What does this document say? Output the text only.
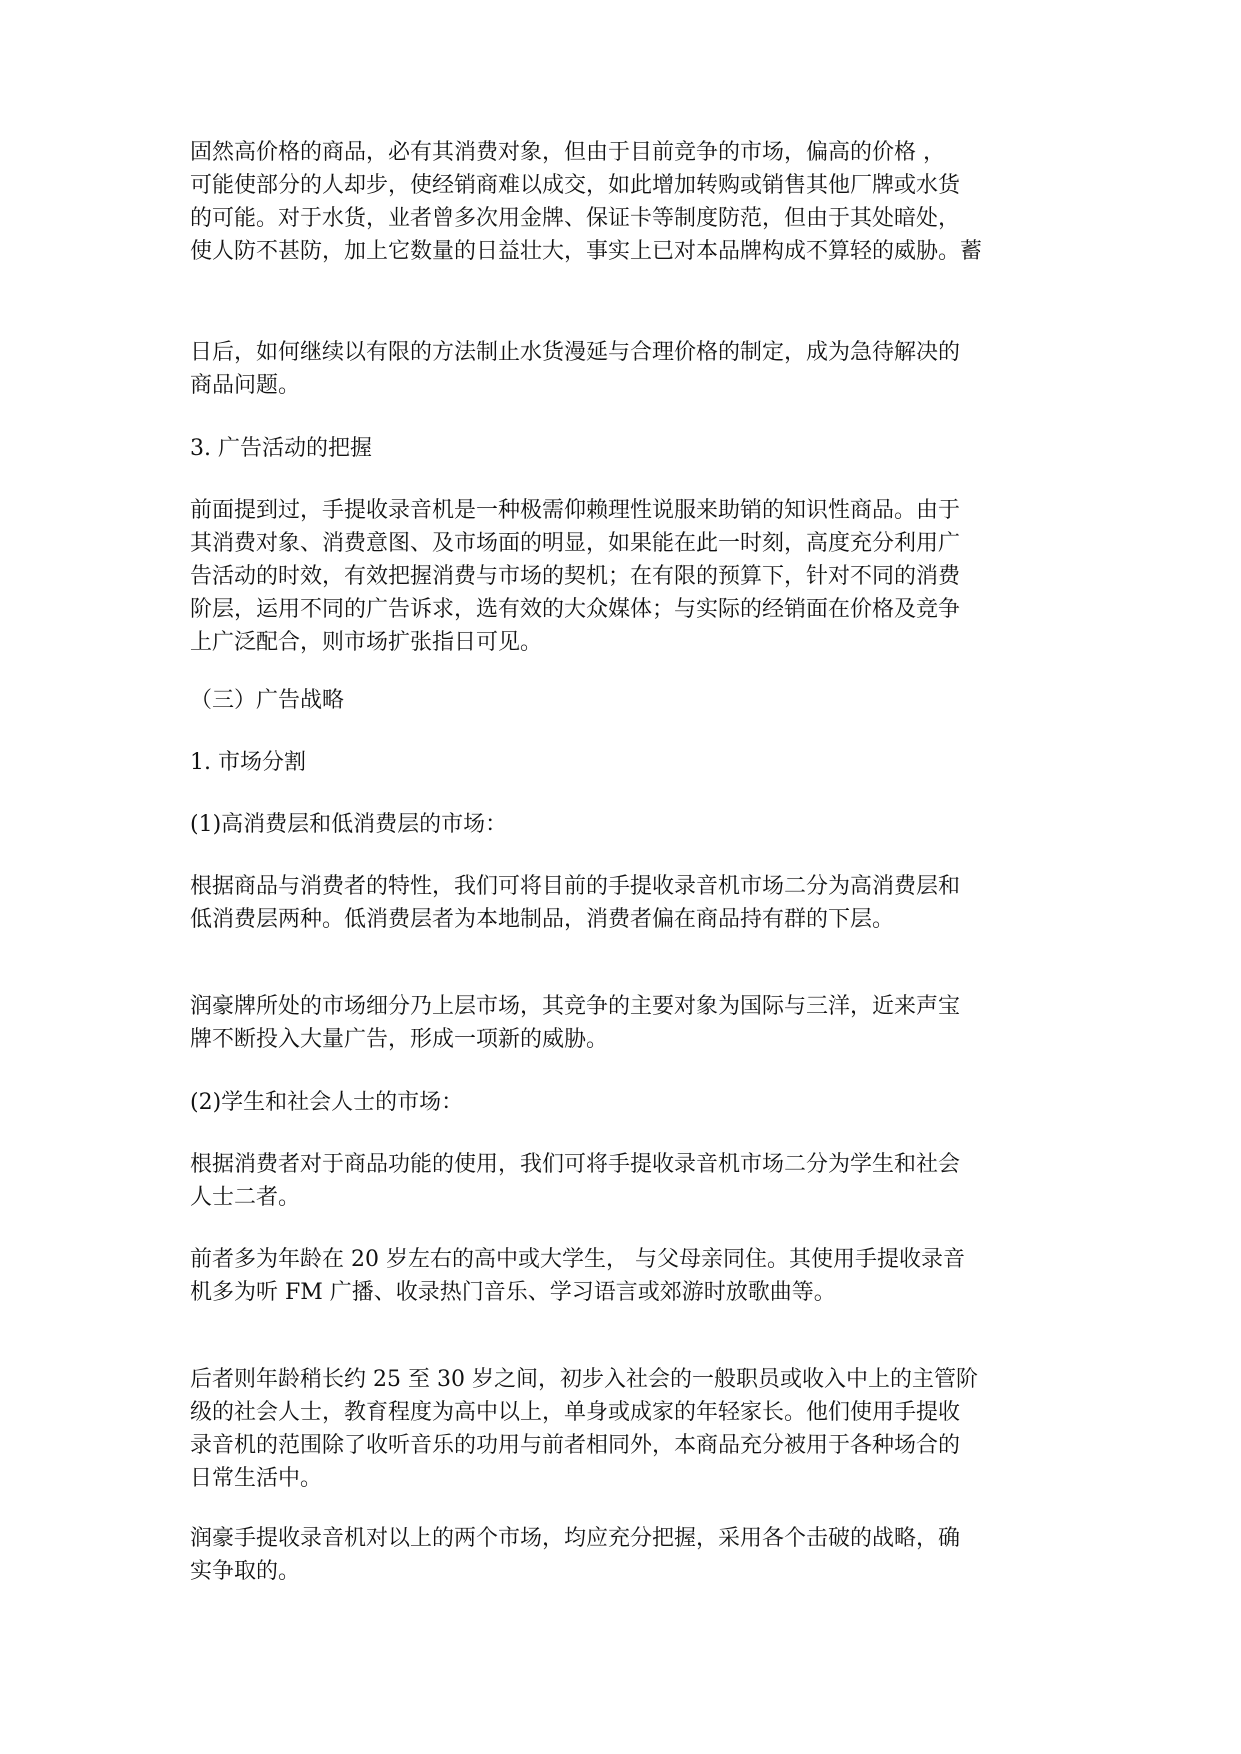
固然高价格的商品，必有其消费对象，但由于目前竞争的市场，偏高的价格 ，
可能使部分的人却步，使经销商难以成交，如此增加转购或销售其他厂牌或水货
的可能。对于水货，业者曾多次用金牌、保证卡等制度防范，但由于其处暗处，
使人防不甚防，加上它数量的日益壮大，事实上已对本品牌构成不算轻的威胁。蓄

日后，如何继续以有限的方法制止水货漫延与合理价格的制定，成为急待解决的
商品问题。

3. 广告活动的把握

前面提到过，手提收录音机是一种极需仰赖理性说服来助销的知识性商品。由于
其消费对象、消费意图、及市场面的明显，如果能在此一时刻，高度充分利用广
告活动的时效，有效把握消费与市场的契机；在有限的预算下，针对不同的消费
阶层，运用不同的广告诉求，选有效的大众媒体；与实际的经销面在价格及竞争
上广泛配合，则市场扩张指日可见。

（三）广告战略

1. 市场分割

(1)高消费层和低消费层的市场：

根据商品与消费者的特性，我们可将目前的手提收录音机市场二分为高消费层和
低消费层两种。低消费层者为本地制品，消费者偏在商品持有群的下层。

润豪牌所处的市场细分乃上层市场，其竞争的主要对象为国际与三洋，近来声宝
牌不断投入大量广告，形成一项新的威胁。

(2)学生和社会人士的市场：

根据消费者对于商品功能的使用，我们可将手提收录音机市场二分为学生和社会
人士二者。

前者多为年龄在 20 岁左右的高中或大学生， 与父母亲同住。其使用手提收录音
机多为听 FM 广播、收录热门音乐、学习语言或郊游时放歌曲等。

后者则年龄稍长约 25 至 30 岁之间，初步入社会的一般职员或收入中上的主管阶
级的社会人士，教育程度为高中以上，单身或成家的年轻家长。他们使用手提收
录音机的范围除了收听音乐的功用与前者相同外，本商品充分被用于各种场合的
日常生活中。

润豪手提收录音机对以上的两个市场，均应充分把握，采用各个击破的战略，确
实争取的。
